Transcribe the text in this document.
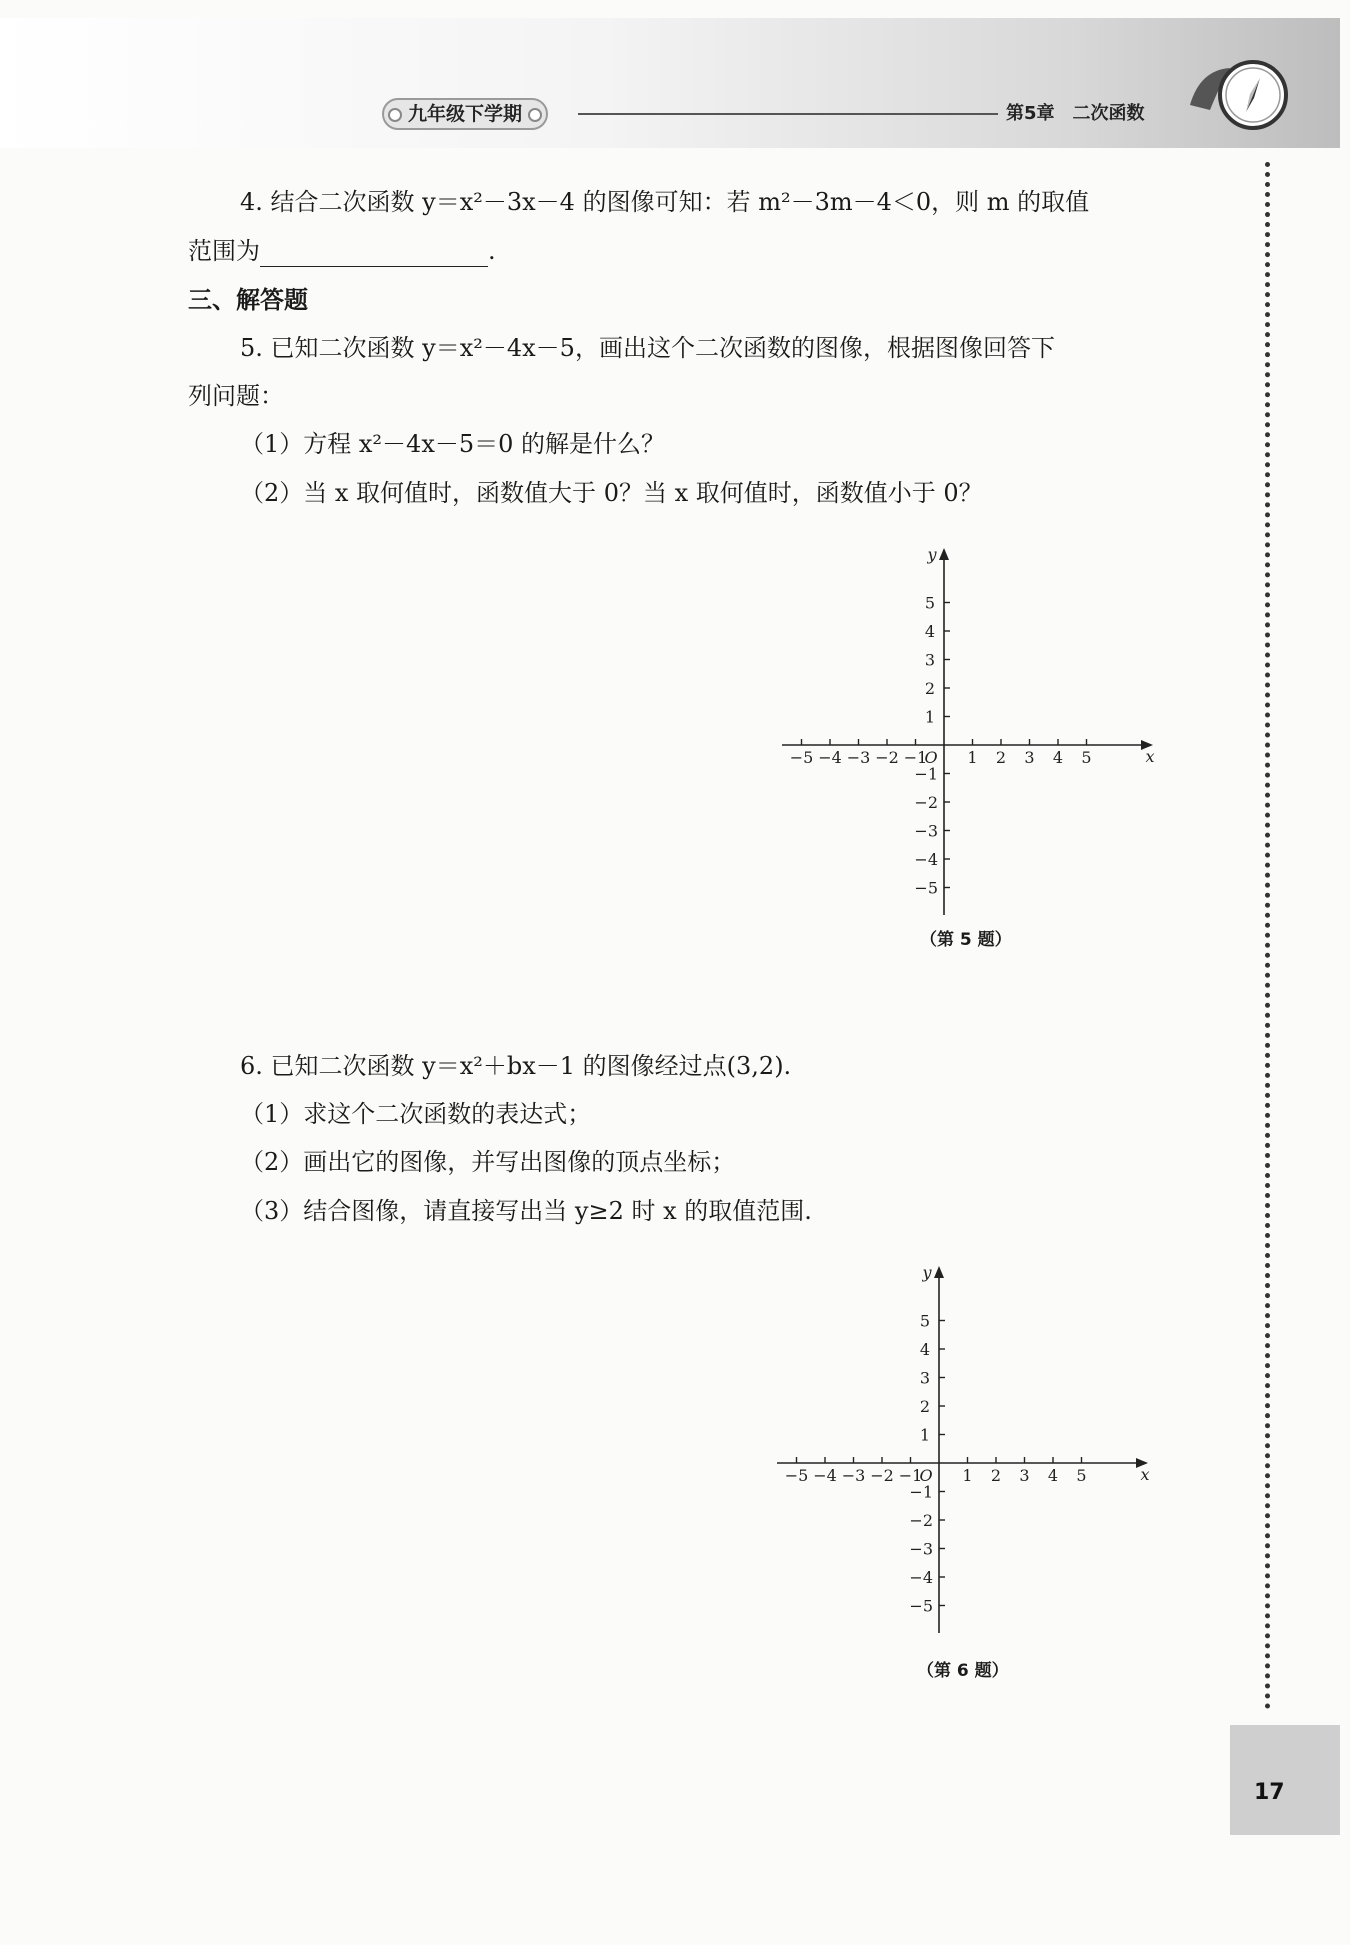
九年级下学期	第5章　二次函数
17
4. 结合二次函数 y＝x²－3x－4 的图像可知：若 m²－3m－4＜0，则 m 的取值
范围为	.
三、解答题
5. 已知二次函数 y＝x²－4x－5，画出这个二次函数的图像，根据图像回答下
列问题：
（1）方程 x²－4x－5＝0 的解是什么？
（2）当 x 取何值时，函数值大于 0？当 x 取何值时，函数值小于 0？
x
y
O
−5 −4 −3 −2 −1	1 2 3 4 5
5
4
3
2
1
−1
−2
−3
−4
−5
（第 5 题）
6. 已知二次函数 y＝x²＋bx－1 的图像经过点(3,2).
（1）求这个二次函数的表达式；
（2）画出它的图像，并写出图像的顶点坐标；
（3）结合图像，请直接写出当 y≥2 时 x 的取值范围.
x
y
O
−5 −4 −3 −2 −1	1 2 3 4 5
5
4
3
2
1
−1
−2
−3
−4
−5
（第 6 题）
